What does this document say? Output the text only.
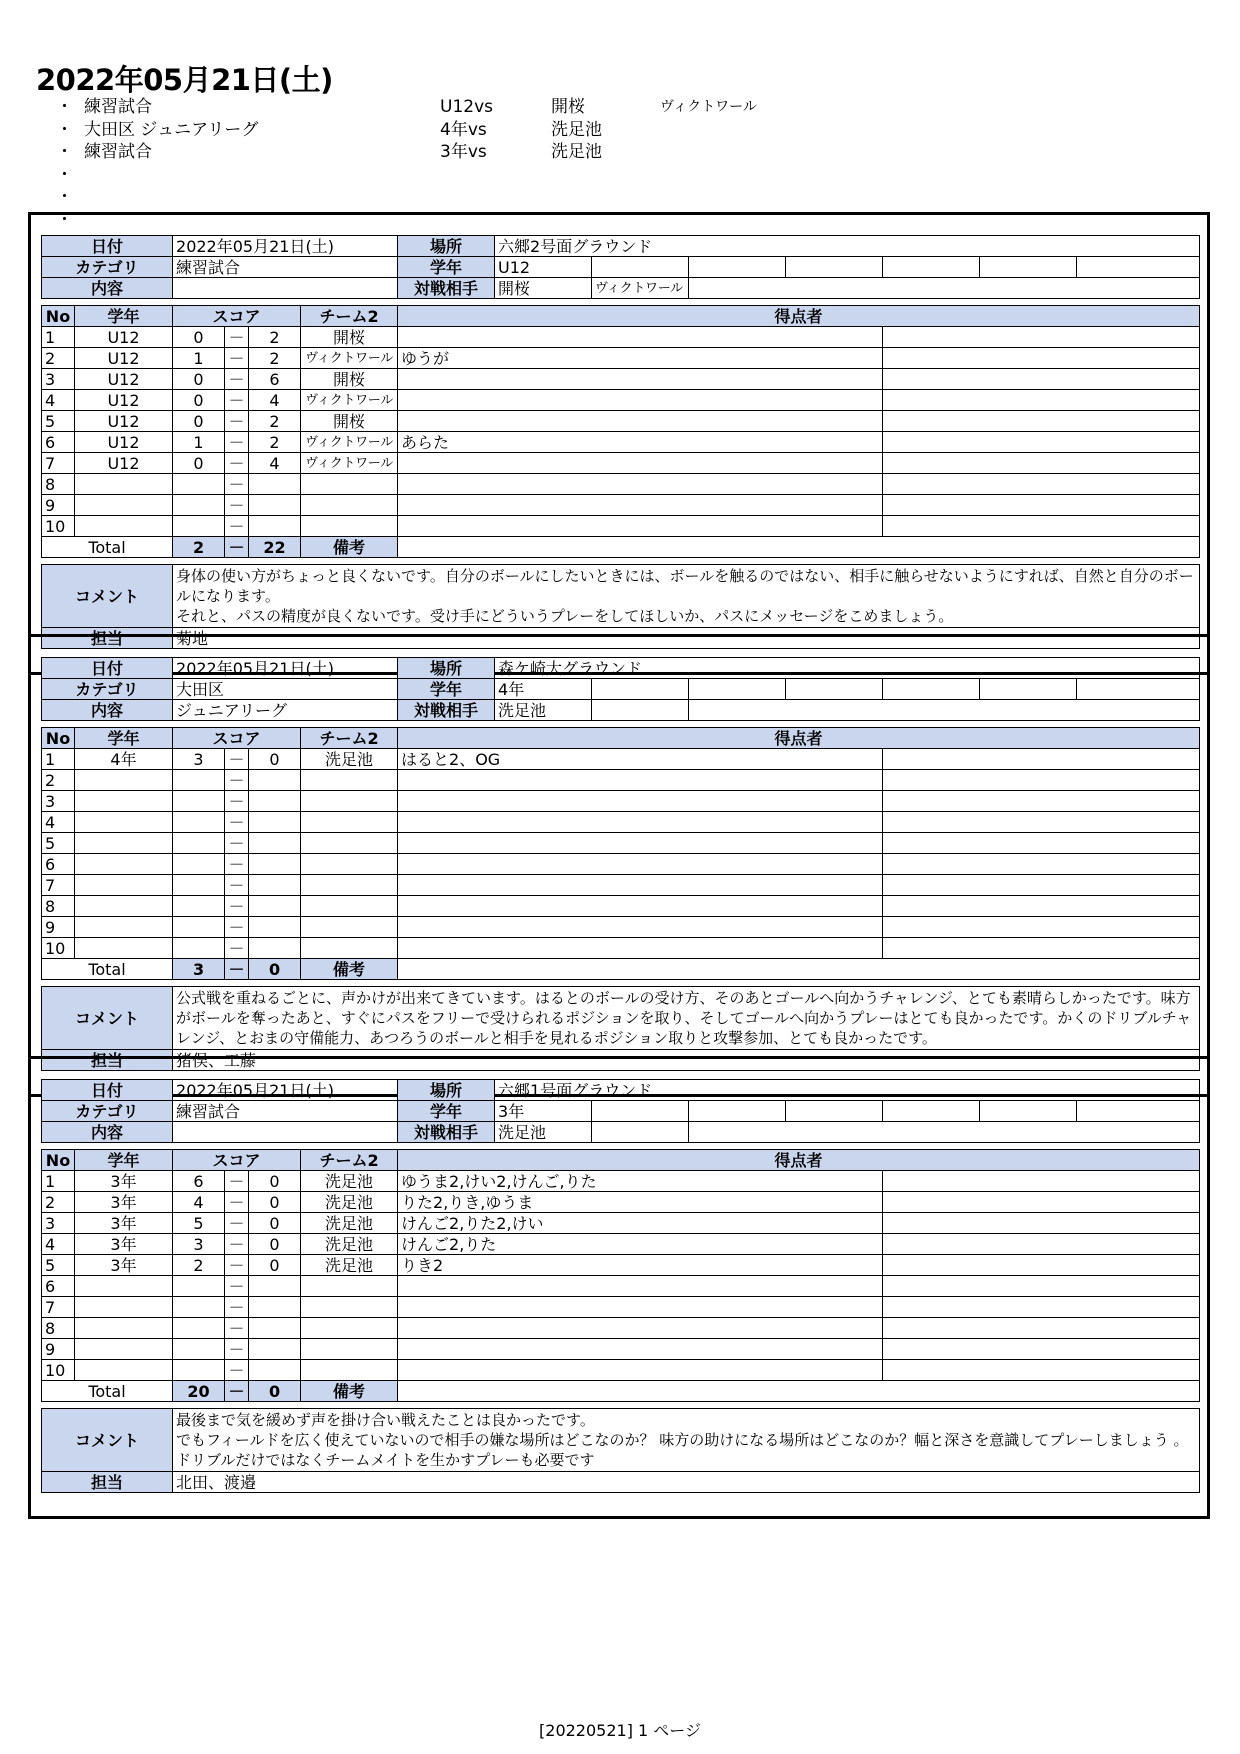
2022年05月21日(土)
・ 練習試合	U12vs	開桜	ヴィクトワール
・ 大田区 ジュニアリーグ	4年vs	洗足池
・ 練習試合	3年vs	洗足池
・
・
・
日付		2022年05月21日(土)				場所	六郷2号面グラウンド						
カテゴリ		練習試合				学年	U12						
内容						対戦相手	開桜	ヴィクトワール					

No	学年	スコア			チーム2	得点者							
1	U12	0	－	2	開桜								
2	U12	1	－	2	ヴィクトワール	ゆうが							
3	U12	0	－	6	開桜								
4	U12	0	－	4	ヴィクトワール								
5	U12	0	－	2	開桜								
6	U12	1	－	2	ヴィクトワール	あらた							
7	U12	0	－	4	ヴィクトワール								
8			－										
9			－										
10			－										
Total		2	－	22	備考								

コメント		身体の使い方がちょっと良くないです。自分のボールにしたいときには、ボールを触るのではない、相手に触らせないようにすれば、自然と自分のボールになります。
それと、パスの精度が良くないです。受け手にどういうプレーをしてほしいか、パスにメッセージをこめましょう。											

担当		菊地											
日付		2022年05月21日(土)				場所	森ケ崎大グラウンド						
カテゴリ		大田区				学年	4年						
内容		ジュニアリーグ				対戦相手	洗足池						

No	学年	スコア			チーム2	得点者							
1	4年	3	－	0	洗足池	はると2、OG							
2			－										
3			－										
4			－										
5			－										
6			－										
7			－										
8			－										
9			－										
10			－										
Total		3	－	0	備考								

コメント		公式戦を重ねるごとに、声かけが出来てきています。はるとのボールの受け方、そのあとゴールへ向かうチャレンジ、とても素晴らしかったです。味方がボールを奪ったあと、すぐにパスをフリーで受けられるポジションを取り、そしてゴールへ向かうプレーはとても良かったです。かくのドリブルチャレンジ、とおまの守備能力、あつろうのボールと相手を見れるポジション取りと攻撃参加、とても良かったです。											

担当		猪俣、工藤											
日付		2022年05月21日(土)				場所	六郷1号面グラウンド						
カテゴリ		練習試合				学年	3年						
内容						対戦相手	洗足池						

No	学年	スコア			チーム2	得点者							
1	3年	6	－	0	洗足池	ゆうま2,けい2,けんご,りた							
2	3年	4	－	0	洗足池	りた2,りき,ゆうま							
3	3年	5	－	0	洗足池	けんご2,りた2,けい							
4	3年	3	－	0	洗足池	けんご2,りた							
5	3年	2	－	0	洗足池	りき2							
6			－										
7			－										
8			－										
9			－										
10			－										
Total		20	－	0	備考								

コメント		最後まで気を緩めず声を掛け合い戦えたことは良かったです。
でもフィールドを広く使えていないので相手の嫌な場所はどこなのか？ 味方の助けになる場所はどこなのか？幅と深さを意識してプレーしましょう 。ドリブルだけではなくチームメイトを生かすプレーも必要です											

担当		北田、渡邉											
[20220521] 1 ページ
